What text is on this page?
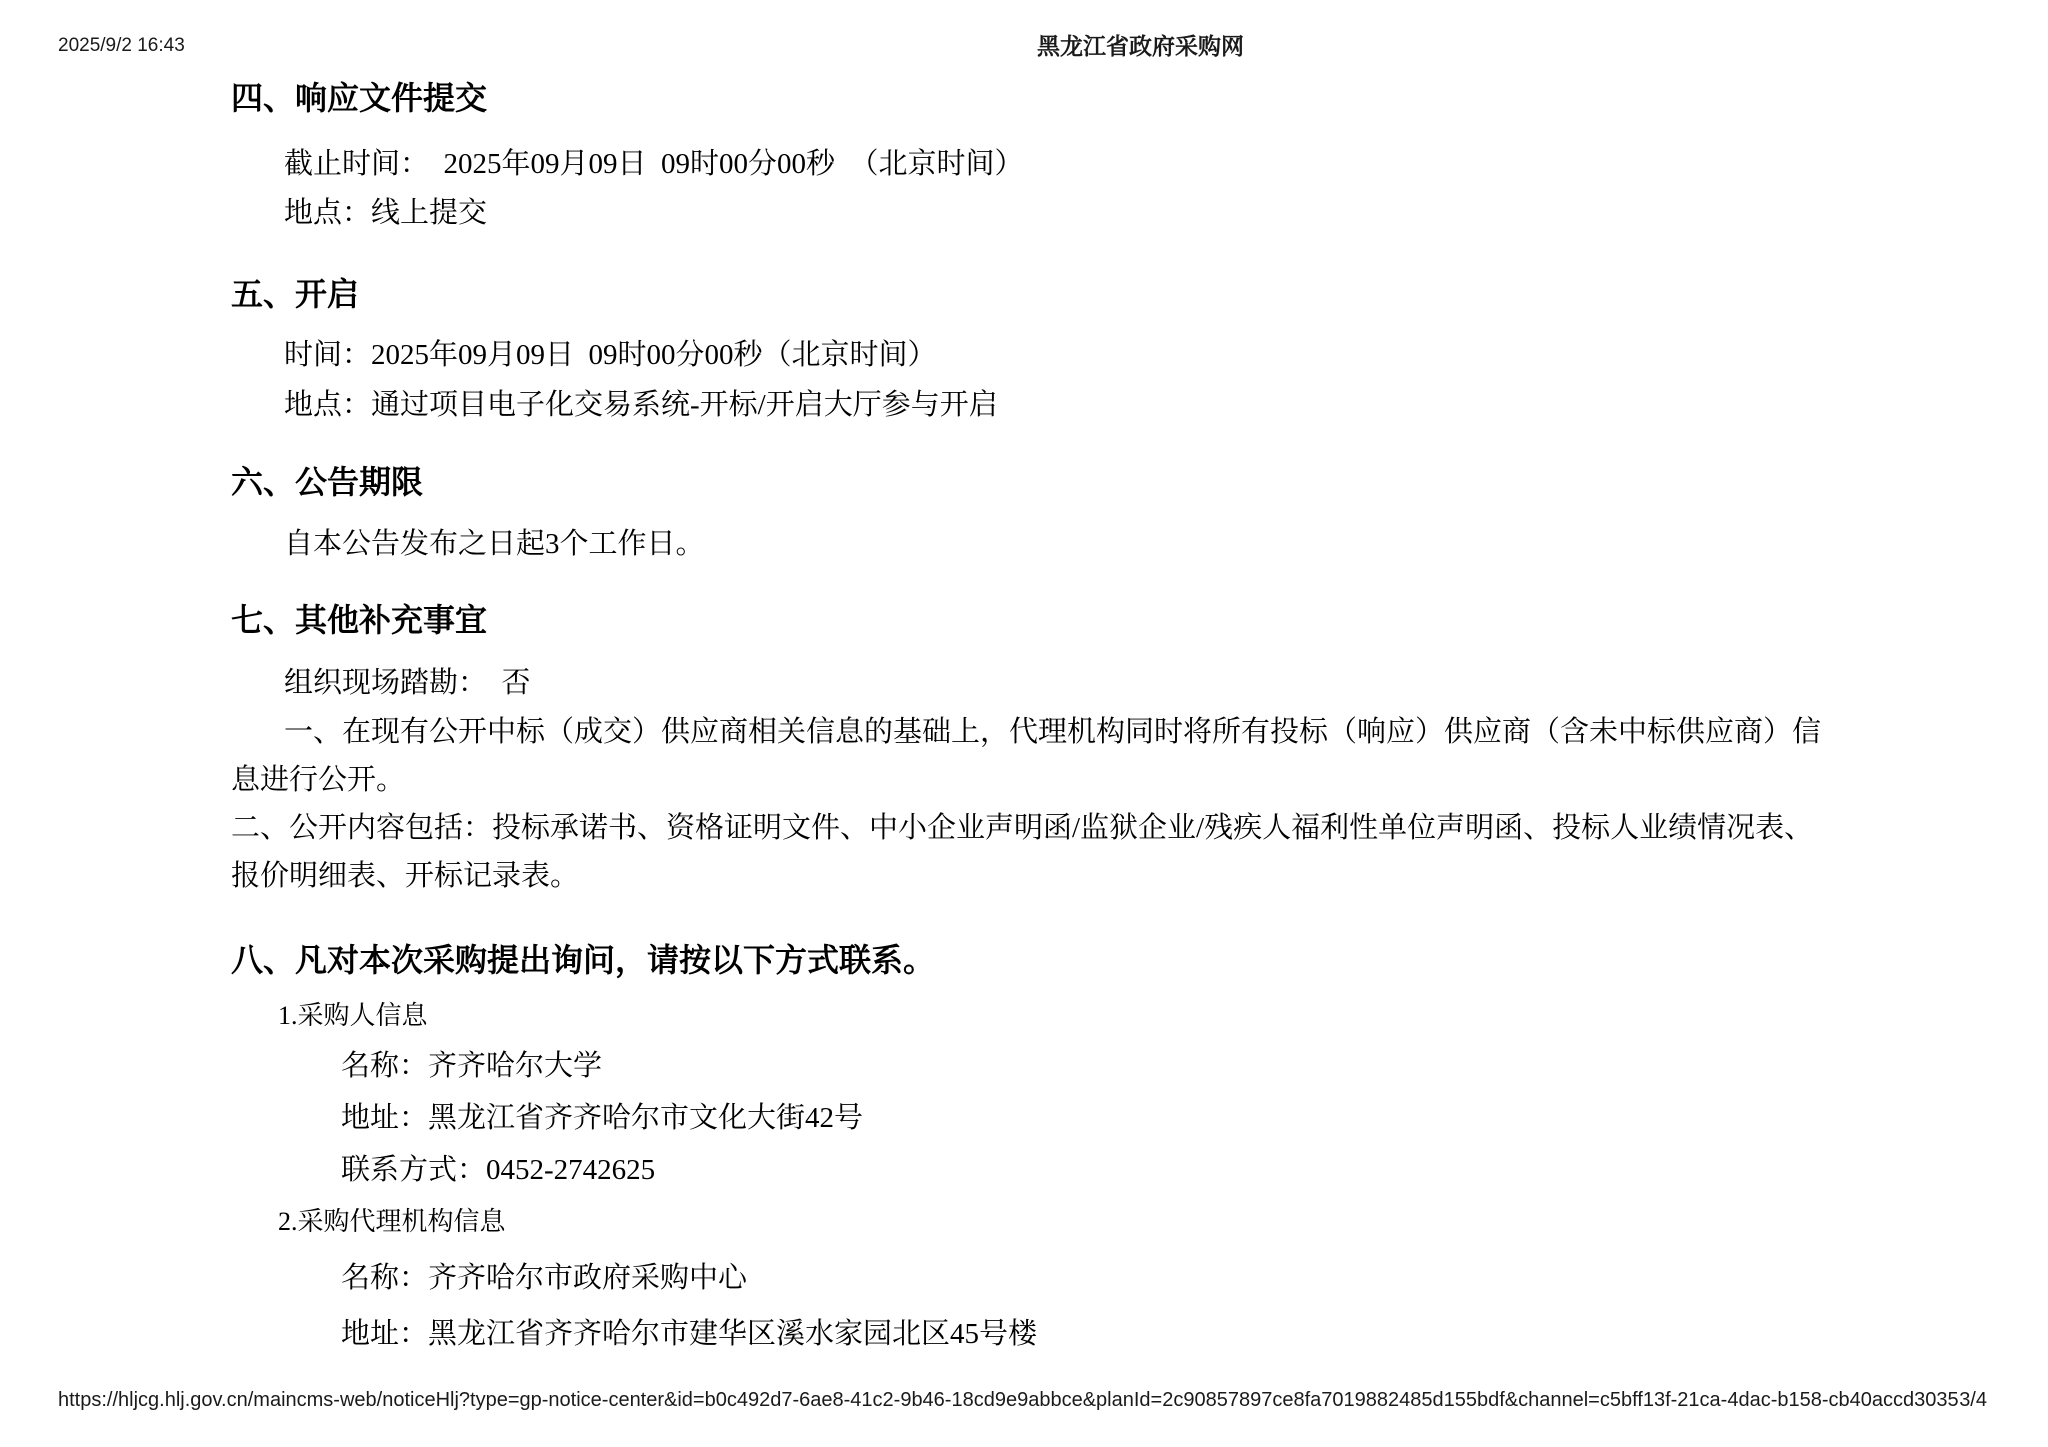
2025/9/2 16:43	黑龙江省政府采购网
四、响应文件提交
截止时间：　2025年09月09日  09时00分00秒　（北京时间）
地点：线上提交
五、开启
时间：2025年09月09日  09时00分00秒（北京时间）
地点：通过项目电子化交易系统-开标/开启大厅参与开启
六、公告期限
自本公告发布之日起3个工作日。
七、其他补充事宜
组织现场踏勘：　否
一、在现有公开中标（成交）供应商相关信息的基础上，代理机构同时将所有投标（响应）供应商（含未中标供应商）信
息进行公开。
二、公开内容包括：投标承诺书、资格证明文件、中小企业声明函/监狱企业/残疾人福利性单位声明函、投标人业绩情况表、
报价明细表、开标记录表。
八、凡对本次采购提出询问，请按以下方式联系。
1.采购人信息
名称：齐齐哈尔大学
地址：黑龙江省齐齐哈尔市文化大街42号
联系方式：0452-2742625
2.采购代理机构信息
名称：齐齐哈尔市政府采购中心
地址：黑龙江省齐齐哈尔市建华区溪水家园北区45号楼
https://hljcg.hlj.gov.cn/maincms-web/noticeHlj?type=gp-notice-center&id=b0c492d7-6ae8-41c2-9b46-18cd9e9abbce&planId=2c90857897ce8fa7019882485d155bdf&channel=c5bff13f-21ca-4dac-b158-cb40accd3035 3/4
